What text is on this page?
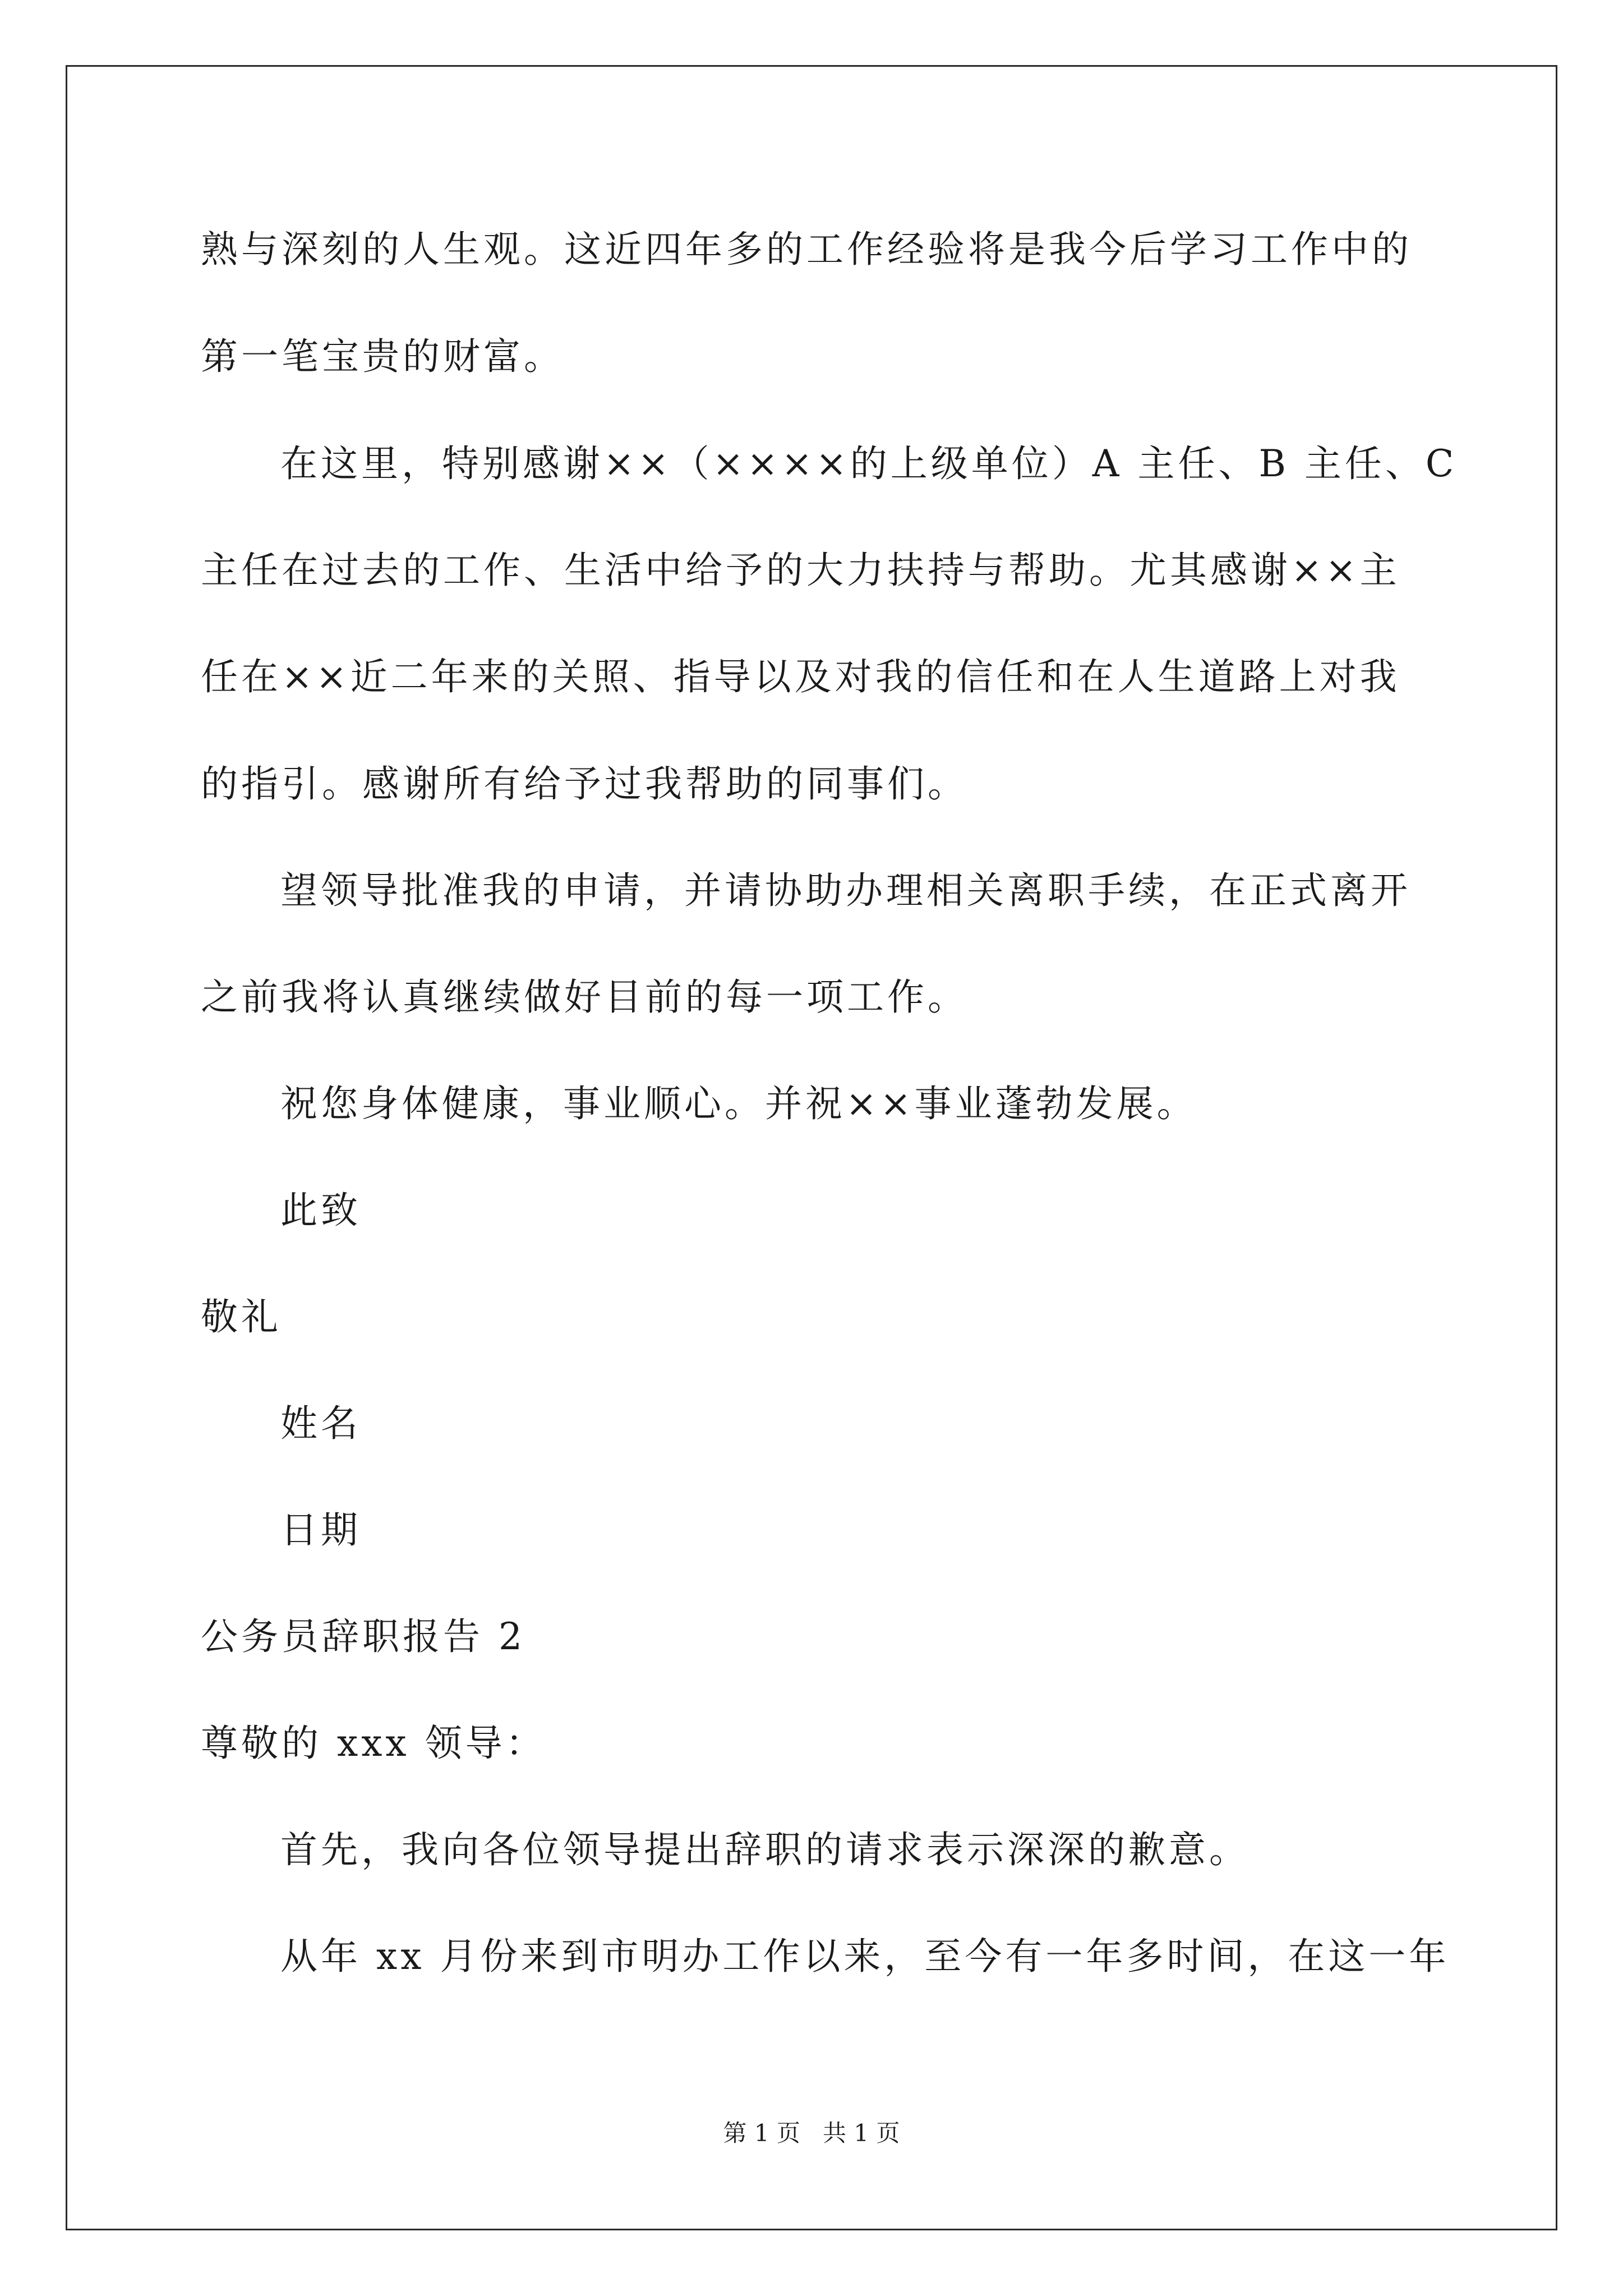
熟与深刻的人生观。这近四年多的工作经验将是我今后学习工作中的
第一笔宝贵的财富。
在这里，特别感谢××（××××的上级单位）A 主任、B 主任、C
主任在过去的工作、生活中给予的大力扶持与帮助。尤其感谢××主
任在××近二年来的关照、指导以及对我的信任和在人生道路上对我
的指引。感谢所有给予过我帮助的同事们。
望领导批准我的申请，并请协助办理相关离职手续，在正式离开
之前我将认真继续做好目前的每一项工作。
祝您身体健康，事业顺心。并祝××事业蓬勃发展。
此致
敬礼
姓名
日期
公务员辞职报告 2
尊敬的 xxx 领导：
首先，我向各位领导提出辞职的请求表示深深的歉意。
从年 xx 月份来到市明办工作以来，至今有一年多时间，在这一年
第 1 页   共 1 页
